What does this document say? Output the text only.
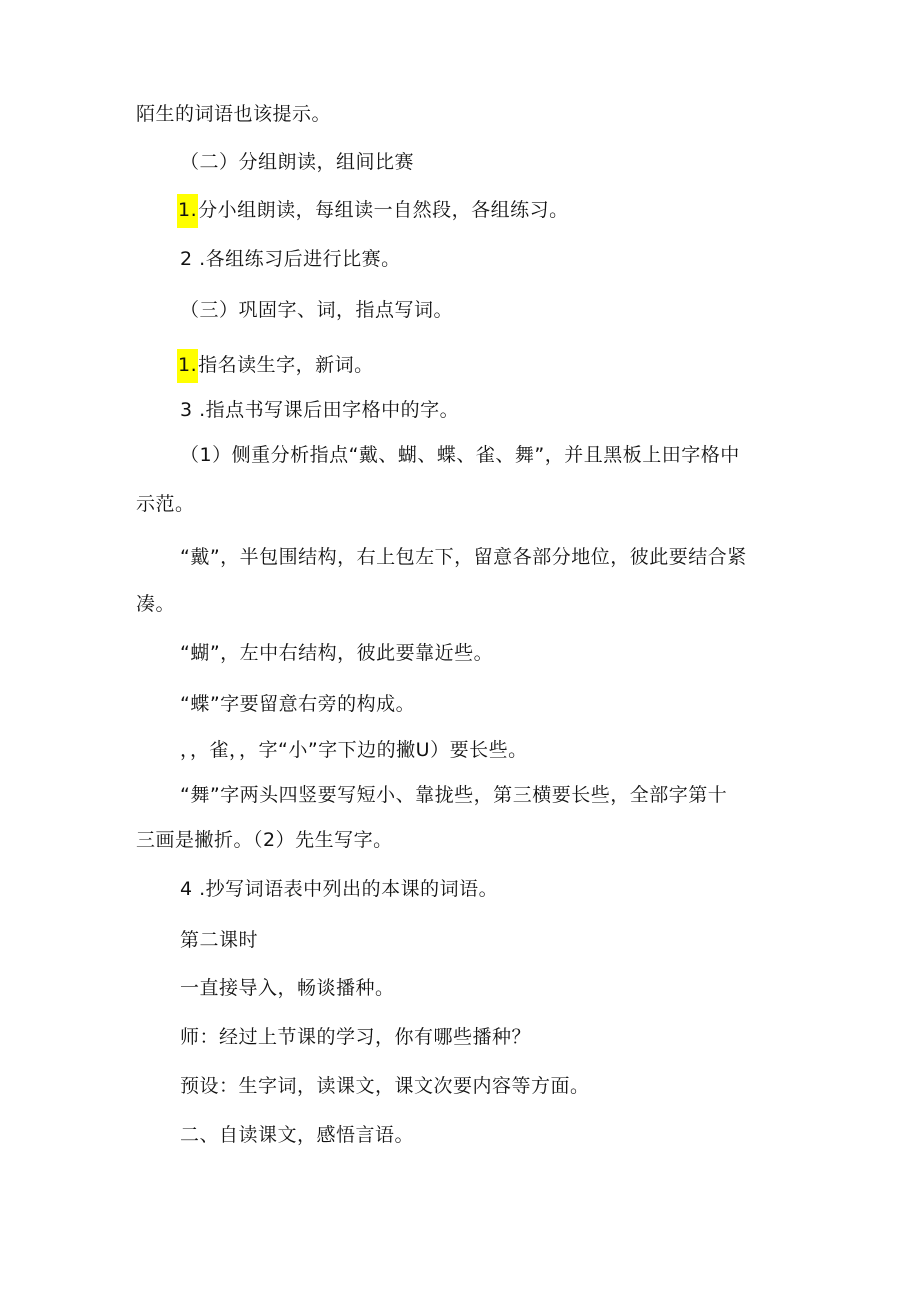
陌生的词语也该提示。
（二）分组朗读，组间比赛
1.分小组朗读，每组读一自然段，各组练习。
2 .各组练习后进行比赛。
（三）巩固字、词，指点写词。
1.指名读生字，新词。
3 .指点书写课后田字格中的字。
（1）侧重分析指点“戴、蝴、蝶、雀、舞”，并且黑板上田字格中
示范。
“戴”，半包围结构，右上包左下，留意各部分地位，彼此要结合紧
凑。
“蝴”，左中右结构，彼此要靠近些。
“蝶”字要留意右旁的构成。
，，雀，，字“小”字下边的撇U）要长些。
“舞”字两头四竖要写短小、靠拢些，第三横要长些，全部字第十
三画是撇折。（2）先生写字。
4 .抄写词语表中列出的本课的词语。
第二课时
一直接导入，畅谈播种。
师：经过上节课的学习，你有哪些播种？
预设：生字词，读课文，课文次要内容等方面。
二、自读课文，感悟言语。
